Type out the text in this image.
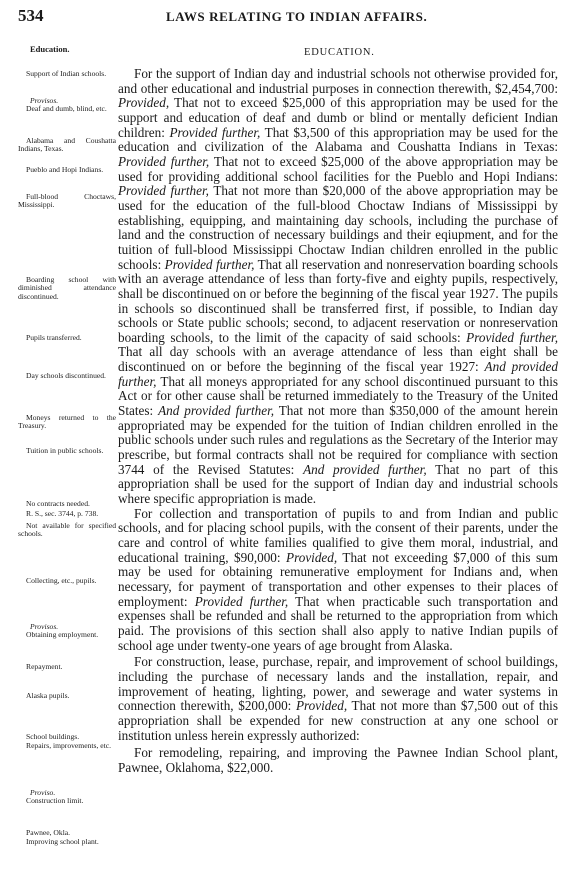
534	LAWS RELATING TO INDIAN AFFAIRS.
Education.	EDUCATION.
Support of Indian schools.
Provisos.
Deaf and dumb, blind, etc.
Alabama and Coushatta Indians, Texas.
Pueblo and Hopi Indians.
Full-blood Choctaws, Mississippi.
Boarding school with diminished attendance discontinued.
Pupils transferred.
Day schools discontinued.
Moneys returned to the Treasury.
Tuition in public schools.
No contracts needed.
R. S., sec. 3744, p. 738.
Not available for specified schools.
Collecting, etc., pupils.
Provisos.
Obtaining employment.
Repayment.
Alaska pupils.
School buildings.
Repairs, improvements, etc.
Proviso.
Construction limit.
Pawnee, Okla.
Improving school plant.

For the support of Indian day and industrial schools not otherwise provided for, and other educational and industrial purposes in connection therewith, $2,454,700: Provided, That not to exceed $25,000 of this appropriation may be used for the support and education of deaf and dumb or blind or mentally deficient Indian children: Provided further, That $3,500 of this appropriation may be used for the education and civilization of the Alabama and Coushatta Indians in Texas: Provided further, That not to exceed $25,000 of the above appropriation may be used for providing additional school facilities for the Pueblo and Hopi Indians: Provided further, That not more than $20,000 of the above appropriation may be used for the education of the full-blood Choctaw Indians of Mississippi by establishing, equipping, and maintaining day schools, including the purchase of land and the construction of necessary buildings and their eqiupment, and for the tuition of full-blood Mississippi Choctaw Indian children enrolled in the public schools: Provided further, That all reservation and nonreservation boarding schools with an average attendance of less than forty-five and eighty pupils, respectively, shall be discontinued on or before the beginning of the fiscal year 1927. The pupils in schools so discontinued shall be transferred first, if possible, to Indian day schools or State public schools; second, to adjacent reservation or nonreservation boarding schools, to the limit of the capacity of said schools: Provided further, That all day schools with an average attendance of less than eight shall be discontinued on or before the beginning of the fiscal year 1927: And provided further, That all moneys appropriated for any school discontinued pursuant to this Act or for other cause shall be returned immediately to the Treasury of the United States: And provided further, That not more than $350,000 of the amount herein appropriated may be expended for the tuition of Indian children enrolled in the public schools under such rules and regulations as the Secretary of the Interior may prescribe, but formal contracts shall not be required for compliance with section 3744 of the Revised Statutes: And provided further, That no part of this appropriation shall be used for the support of Indian day and industrial schools where specific appropriation is made.

For collection and transportation of pupils to and from Indian and public schools, and for placing school pupils, with the consent of their parents, under the care and control of white families qualified to give them moral, industrial, and educational training, $90,000: Provided, That not exceeding $7,000 of this sum may be used for obtaining remunerative employment for Indians and, when necessary, for payment of transportation and other expenses to their places of employment: Provided further, That when practicable such transportation and expenses shall be refunded and shall be returned to the appropriation from which paid. The provisions of this section shall also apply to native Indian pupils of school age under twenty-one years of age brought from Alaska.

For construction, lease, purchase, repair, and improvement of school buildings, including the purchase of necessary lands and the installation, repair, and improvement of heating, lighting, power, and sewerage and water systems in connection therewith, $200,000: Provided, That not more than $7,500 out of this appropriation shall be expended for new construction at any one school or institution unless herein expressly authorized:

For remodeling, repairing, and improving the Pawnee Indian School plant, Pawnee, Oklahoma, $22,000.
